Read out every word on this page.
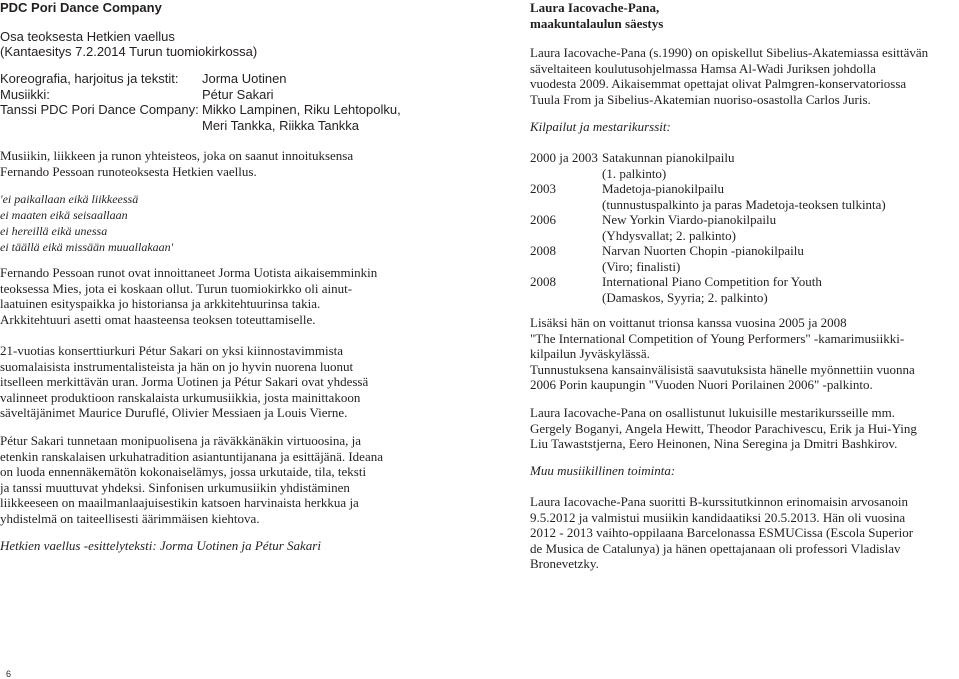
PDC Pori Dance Company
Osa teoksesta Hetkien vaellus
(Kantaesitys 7.2.2014 Turun tuomiokirkossa)
Koreografia, harjoitus ja tekstit:	Jorma Uotinen
Musiikki:	Pétur Sakari
Tanssi PDC Pori Dance Company: Mikko Lampinen, Riku Lehtopolku,
Meri Tankka, Riikka Tankka
Musiikin, liikkeen ja runon yhteisteos, joka on saanut innoituksensa
Fernando Pessoan runoteoksesta Hetkien vaellus.
'ei paikallaan eikä liikkeessä
ei maaten eikä seisaallaan
ei hereillä eikä unessa
ei täällä eikä missään muuallakaan'
Fernando Pessoan runot ovat innoittaneet Jorma Uotista aikaisemminkin
teoksessa Mies, jota ei koskaan ollut. Turun tuomiokirkko oli ainut-
laatuinen esityspaikka jo historiansa ja arkkitehtuurinsa takia.
Arkkitehtuuri asetti omat haasteensa teoksen toteuttamiselle.
21-vuotias konserttiurkuri Pétur Sakari on yksi kiinnostavimmista
suomalaisista instrumentalisteista ja hän on jo hyvin nuorena luonut
itselleen merkittävän uran. Jorma Uotinen ja Pétur Sakari ovat yhdessä
valinneet produktioon ranskalaista urkumusiikkia, josta mainittakoon
säveltäjänimet Maurice Duruflé, Olivier Messiaen ja Louis Vierne.
Pétur Sakari tunnetaan monipuolisena ja räväkkänäkin virtuoosina, ja
etenkin ranskalaisen urkuhatradition asiantuntijanana ja esittäjänä. Ideana
on luoda ennennäkemätön kokonaiselämys, jossa urkutaide, tila, teksti
ja tanssi muuttuvat yhdeksi. Sinfonisen urkumusiikin yhdistäminen
liikkeeseen on maailmanlaajuisestikin katsoen harvinaista herkkua ja
yhdistelmä on taiteellisesti äärimmäisen kiehtova.
Hetkien vaellus -esittelyteksti: Jorma Uotinen ja Pétur Sakari
6
Laura Iacovache-Pana,
maakuntalaulun säestys
Laura Iacovache-Pana (s.1990) on opiskellut Sibelius-Akatemiassa esittävän
säveltaiteen koulutusohjelmassa Hamsa Al-Wadi Juriksen johdolla
vuodesta 2009. Aikaisemmat opettajat olivat Palmgren-konservatoriossa
Tuula From ja Sibelius-Akatemian nuoriso-osastolla Carlos Juris.
Kilpailut ja mestarikurssit:
2000 ja 2003 Satakunnan pianokilpailu
(1. palkinto)
2003	Madetoja-pianokilpailu
(tunnustuspalkinto ja paras Madetoja-teoksen tulkinta)
2006	New Yorkin Viardo-pianokilpailu
(Yhdysvallat; 2. palkinto)
2008	Narvan Nuorten Chopin -pianokilpailu
(Viro; finalisti)
2008	International Piano Competition for Youth
(Damaskos, Syyria; 2. palkinto)
Lisäksi hän on voittanut trionsa kanssa vuosina 2005 ja 2008
"The International Competition of Young Performers" -kamarimusiikki-
kilpailun Jyväskylässä.
Tunnustuksena kansainvälisistä saavutuksista hänelle myönnettiin vuonna
2006 Porin kaupungin "Vuoden Nuori Porilainen 2006" -palkinto.
Laura Iacovache-Pana on osallistunut lukuisille mestarikursseille mm.
Gergely Boganyi, Angela Hewitt, Theodor Parachivescu, Erik ja Hui-Ying
Liu Tawaststjerna, Eero Heinonen, Nina Seregina ja Dmitri Bashkirov.
Muu musiikillinen toiminta:
Laura Iacovache-Pana suoritti B-kurssitutkinnon erinomaisin arvosanoin
9.5.2012 ja valmistui musiikin kandidaatiksi 20.5.2013. Hän oli vuosina
2012 - 2013 vaihto-oppilaana Barcelonassa ESMUCissa (Escola Superior
de Musica de Catalunya) ja hänen opettajanaan oli professori Vladislav
Bronevetzky.
